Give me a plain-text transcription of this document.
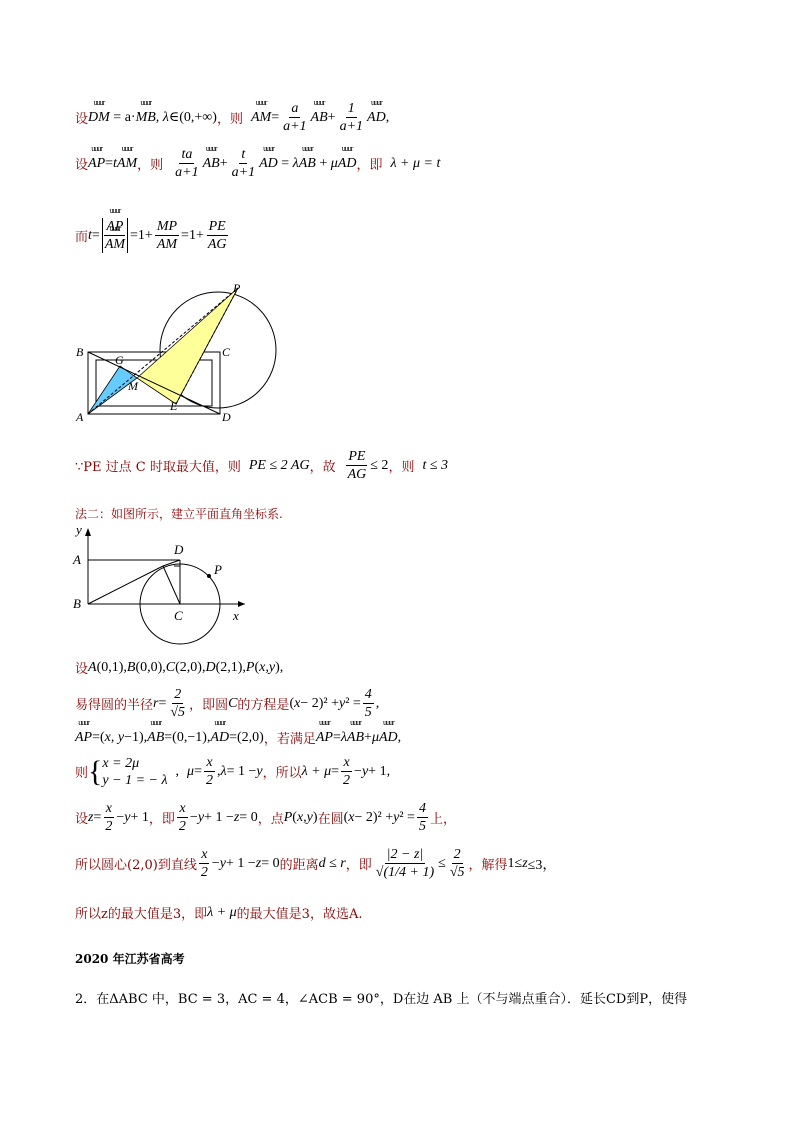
设 uuur DM = a· uuur MB , λ ∈(0,+∞) ，则 uuur AM = $\frac{a}{a+1}$ uuur AB + $\frac{1}{a+1}$ uuur AD ,
设 uuur AP = t uuur AM ，则 $\frac{ta}{a+1}$ uuur AB + $\frac{t}{a+1}$ uuur AD = λ uuur AB + μ uuur AD ，即 λ + μ = t
而 t = uuur AP
uuur AM $=1+ \frac{MP}{AM} =1+ \frac{PE}{AG}$
P
B
G
C
M
E
A	D
∵PE 过点 C 时取最大值，则 PE ≤ 2 AG ，故 $\frac{PE}{AG} \le 2$ ，则 t ≤ 3
法二：如图所示，建立平面直角坐标系.
y
A
D
P
B
C	x
设 A (0,1), B (0,0), C (2,0), D (2,1), P ( x,y ),
易得圆的半径 $r = \frac{2}{√5}$ ，即圆 C 的方程是 ( x − 2)² + y $^2 = \frac{4}{5}$ ,
uuur AP =( x, y −1), uuur AB =(0,−1), uuur AD =(2,0) ，若满足 uuur AP = λ uuur AB + μ uuur AD ,
则 { x = 2μ
y − 1 = − λ
, $\mu = \frac{x}{2}$ , λ = 1 − y ，所以 $\lambda + \mu = \frac{x}{2} - y + 1$,
设 $z = \frac{x}{2} - y + 1$ ，即 $\frac{x}{2} - y + 1 - z = 0$ ，点 P ( x,y ) 在圆 ( x − 2)² + y $^2 = \frac{4}{5}$ 上，
所以圆心(2,0)到直线 $\frac{x}{2} - y + 1 - z = 0$ 的距离 d ≤ r ，即 $\frac{|2 - z|}{√(1/4 + 1)} \le \frac{2}{√5}$ ，解得 1≤ z ≤3，
所以z的最大值是3，即 λ + μ 的最大值是3，故选A.
2020 年江苏省高考
2．在ΔABC 中，BC = 3，AC = 4，∠ACB = 90°，D在边 AB 上（不与端点重合）．延长CD到P，使得
